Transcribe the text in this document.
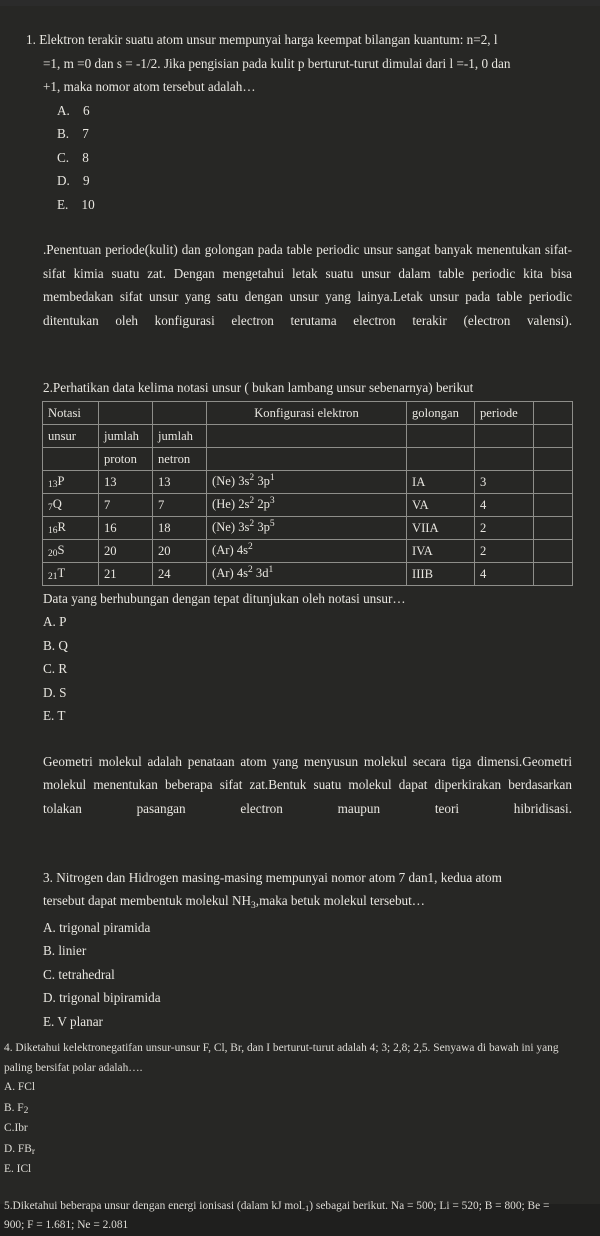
1. Elektron terakir suatu atom unsur mempunyai harga keempat bilangan kuantum: n=2, l
=1, m =0 dan s = -1/2. Jika pengisian pada kulit p berturut-turut dimulai dari l =-1, 0 dan
+1, maka nomor atom tersebut adalah…
A.    6
B.    7
C.    8
D.    9
E.    10

.Penentuan periode(kulit) dan golongan pada table periodic unsur sangat banyak menentukan sifat-sifat kimia suatu zat. Dengan mengetahui letak suatu unsur dalam table periodic kita bisa membedakan sifat unsur yang satu dengan unsur yang lainya.Letak unsur pada table periodic ditentukan oleh konfigurasi electron terutama electron terakir (electron valensi).

2.Perhatikan data kelima notasi unsur ( bukan lambang unsur sebenarnya) berikut

Notasi			Konfigurasi elektron	golongan	periode	
unsur	jumlah	jumlah				
	proton	netron				
$_{13}$P	13	13	(Ne) $3s^2$ $3p^1$	IA	3	
$_7$Q	7	7	(He) $2s^2$ $2p^3$	VA	4	
$_{16}$R	16	18	(Ne) $3s^2$ $3p^5$	VIIA	2	
$_{20}$S	20	20	(Ar) $4s^2$	IVA	2	
$_{21}$T	21	24	(Ar) $4s^2$ $3d^1$	IIIB	4	

Data yang berhubungan dengan tepat ditunjukan oleh notasi unsur…

A. P
B. Q
C. R
D. S
E. T

Geometri molekul adalah penataan atom yang menyusun molekul secara tiga dimensi.Geometri molekul menentukan beberapa sifat zat.Bentuk suatu molekul dapat diperkirakan berdasarkan tolakan pasangan electron maupun teori hibridisasi.

3. Nitrogen dan Hidrogen masing-masing mempunyai nomor atom 7 dan1, kedua atom
tersebut dapat membentuk molekul $NH_3,maka$ betuk molekul tersebut…
A. trigonal piramida
B. linier
C. tetrahedral
D. trigonal bipiramida
E. V planar
4. Diketahui kelektronegatifan unsur-unsur F, Cl, Br, dan I berturut-turut adalah 4; 3; 2,8; 2,5. Senyawa di bawah ini yang paling bersifat polar adalah….
A. FCl
B. $F_2$
C.Ibr
D. $FB_r$
E. ICl
5.Diketahui beberapa unsur dengan energi ionisasi (dalam kJ mol$_{-1}$) sebagai berikut. Na = 500; Li = 520; B = 800; Be = 900; F = 1.681; Ne = 2.081
